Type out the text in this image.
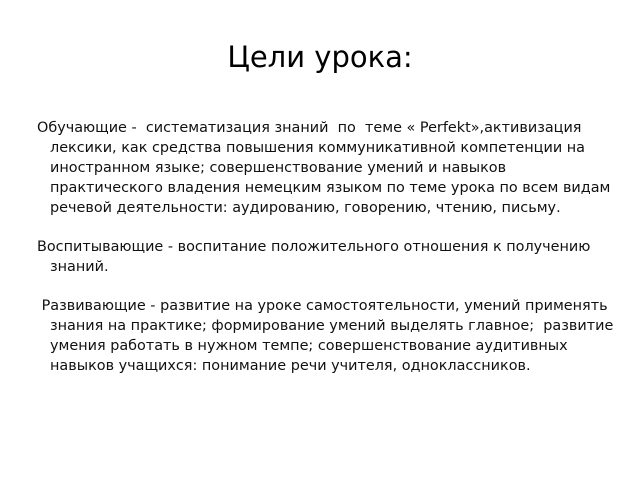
Цели урока:

Обучающие -  систематизация знаний  по  теме « Perfekt»,активизация лексики, как средства повышения коммуникативной компетенции на иностранном языке; совершенствование умений и навыков практического владения немецким языком по теме урока по всем видам речевой деятельности: аудированию, говорению, чтению, письму.

Воспитывающие - воспитание положительного отношения к получению знаний.

Развивающие - развитие на уроке самостоятельности, умений применять знания на практике; формирование умений выделять главное;  развитие умения работать в нужном темпе; совершенствование аудитивных навыков учащихся: понимание речи учителя, одноклассников.
